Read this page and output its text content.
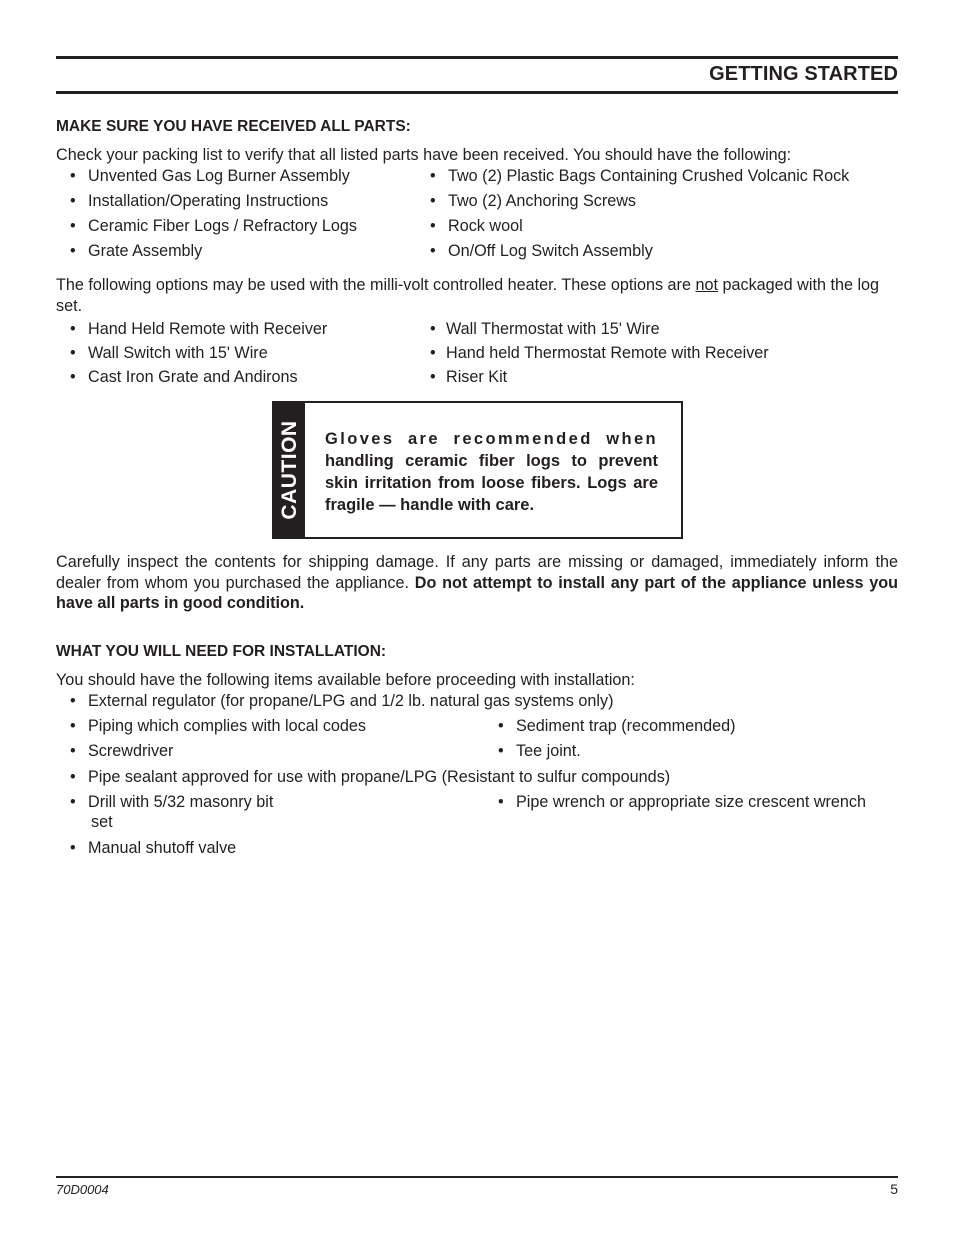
GETTING STARTED
MAKE SURE YOU HAVE RECEIVED ALL PARTS:
Check your packing list to verify that all listed parts have been received. You should have the following:
• Unvented Gas Log Burner Assembly
• Installation/Operating Instructions
• Ceramic Fiber Logs / Refractory Logs
• Grate Assembly
• Two (2) Plastic Bags Containing Crushed Volcanic Rock
• Two (2) Anchoring Screws
• Rock wool
• On/Off Log Switch Assembly
The following options may be used with the milli-volt controlled heater. These options are not packaged with the log set.
• Hand Held Remote with Receiver
• Wall Switch with 15' Wire
• Cast Iron Grate and Andirons
• Wall Thermostat with 15' Wire
• Hand held Thermostat Remote with Receiver
• Riser Kit
CAUTION Gloves are recommended when handling ceramic fiber logs to prevent skin irritation from loose fibers. Logs are fragile — handle with care.
Carefully inspect the contents for shipping damage. If any parts are missing or damaged, immediately inform the dealer from whom you purchased the appliance. Do not attempt to install any part of the appliance unless you have all parts in good condition.
WHAT YOU WILL NEED FOR INSTALLATION:
You should have the following items available before proceeding with installation:
• External regulator (for propane/LPG and 1/2 lb. natural gas systems only)
• Piping which complies with local codes	• Sediment trap (recommended)
• Screwdriver	• Tee joint.
• Pipe sealant approved for use with propane/LPG (Resistant to sulfur compounds)
• Drill with 5/32 masonry bit
set
• Pipe wrench or appropriate size crescent wrench
• Manual shutoff valve
70D0004	5
